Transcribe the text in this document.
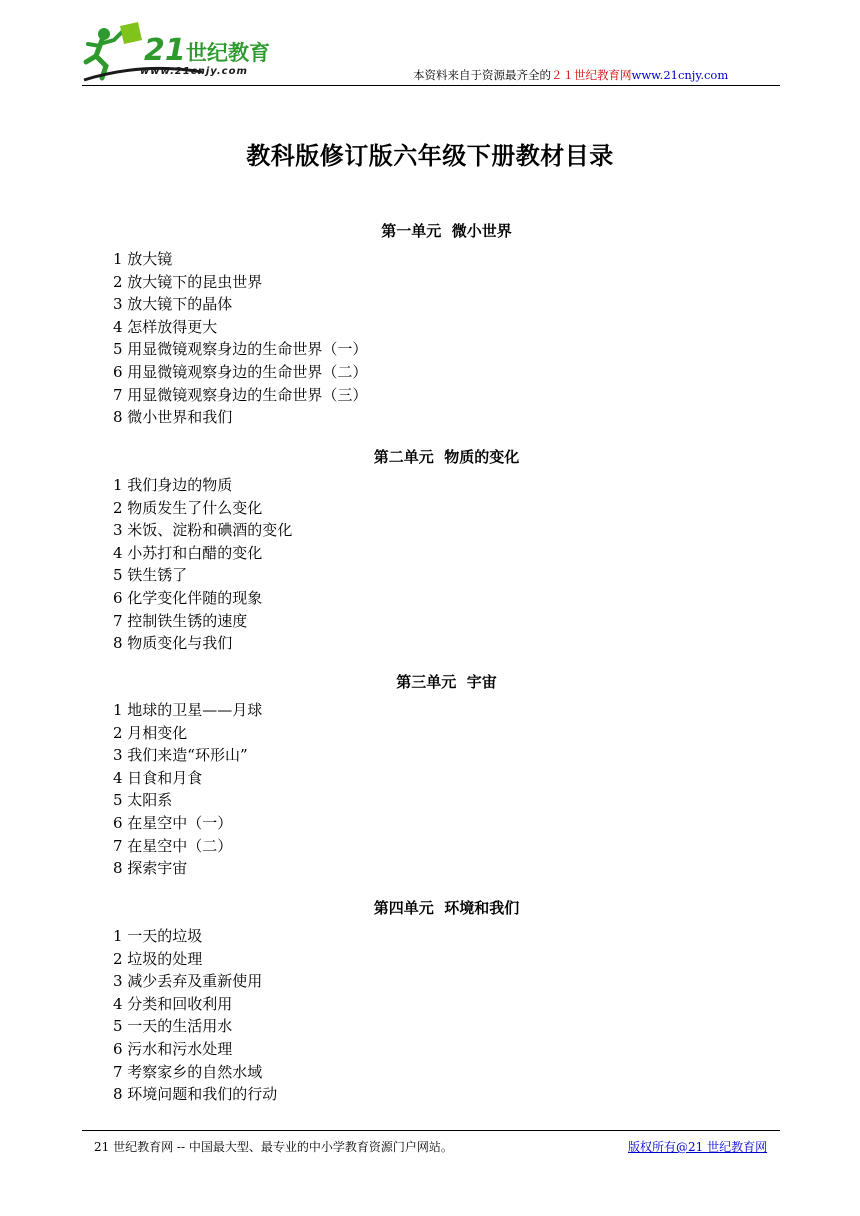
21 世纪教育
www.21cnjy.com	本资料来自于资源最齐全的２１世纪教育网www.21cnjy.com
教科版修订版六年级下册教材目录
第一单元  微小世界
1 放大镜
2 放大镜下的昆虫世界
3 放大镜下的晶体
4 怎样放得更大
5 用显微镜观察身边的生命世界（一）
6 用显微镜观察身边的生命世界（二）
7 用显微镜观察身边的生命世界（三）
8 微小世界和我们
第二单元  物质的变化
1 我们身边的物质
2 物质发生了什么变化
3 米饭、淀粉和碘酒的变化
4 小苏打和白醋的变化
5 铁生锈了
6 化学变化伴随的现象
7 控制铁生锈的速度
8 物质变化与我们
第三单元  宇宙
1 地球的卫星——月球
2 月相变化
3 我们来造“环形山”
4 日食和月食
5 太阳系
6 在星空中（一）
7 在星空中（二）
8 探索宇宙
第四单元  环境和我们
1 一天的垃圾
2 垃圾的处理
3 减少丢弃及重新使用
4 分类和回收利用
5 一天的生活用水
6 污水和污水处理
7 考察家乡的自然水域
8 环境问题和我们的行动
21 世纪教育网 -- 中国最大型、最专业的中小学教育资源门户网站。	版权所有@21 世纪教育网
